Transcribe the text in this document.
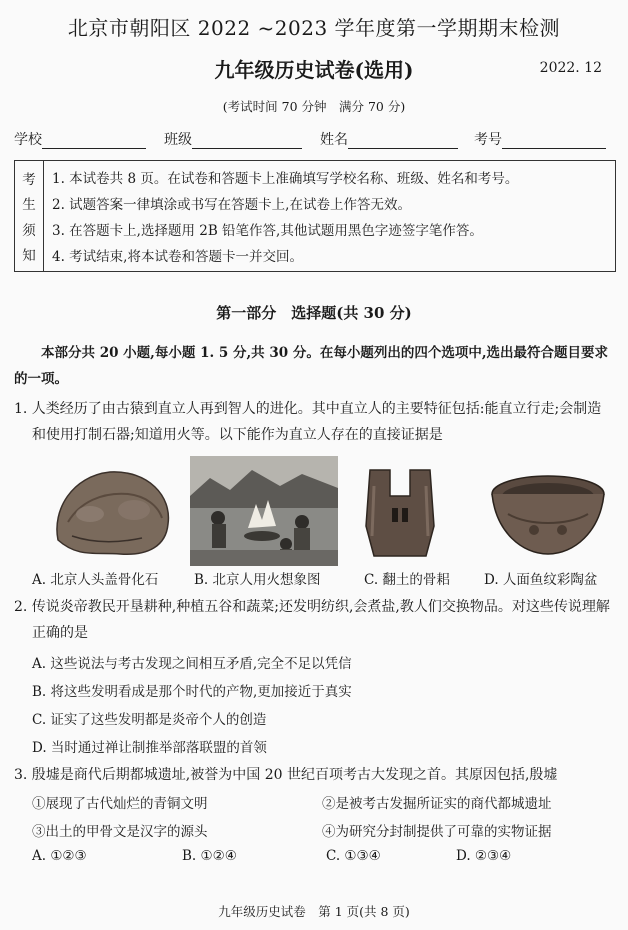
北京市朝阳区 2022 ~2023 学年度第一学期期末检测
九年级历史试卷(选用)	2022. 12
(考试时间 70 分钟　满分 70 分)
学校	班级	姓名	考号
考
生
须
知
1. 本试卷共 8 页。在试卷和答题卡上准确填写学校名称、班级、姓名和考号。
2. 试题答案一律填涂或书写在答题卡上,在试卷上作答无效。
3. 在答题卡上,选择题用 2B 铅笔作答,其他试题用黑色字迹签字笔作答。
4. 考试结束,将本试卷和答题卡一并交回。
第一部分　选择题(共 30 分)
本部分共 20 小题,每小题 1. 5 分,共 30 分。在每小题列出的四个选项中,选出最符合题目要求的一项。
1. 人类经历了由古猿到直立人再到智人的进化。其中直立人的主要特征包括:能直立行走;会制造和使用打制石器;知道用火等。以下能作为直立人存在的直接证据是
A. 北京人头盖骨化石	B. 北京人用火想象图	C. 翻土的骨耜	D. 人面鱼纹彩陶盆
2. 传说炎帝教民开垦耕种,种植五谷和蔬菜;还发明纺织,会煮盐,教人们交换物品。对这些传说理解正确的是
A. 这些说法与考古发现之间相互矛盾,完全不足以凭信
B. 将这些发明看成是那个时代的产物,更加接近于真实
C. 证实了这些发明都是炎帝个人的创造
D. 当时通过禅让制推举部落联盟的首领
3. 殷墟是商代后期都城遗址,被誉为中国 20 世纪百项考古大发现之首。其原因包括,殷墟
①展现了古代灿烂的青铜文明	②是被考古发掘所证实的商代都城遗址
③出土的甲骨文是汉字的源头	④为研究分封制提供了可靠的实物证据
A. ①②③	B. ①②④	C. ①③④	D. ②③④
九年级历史试卷　第 1 页(共 8 页)
